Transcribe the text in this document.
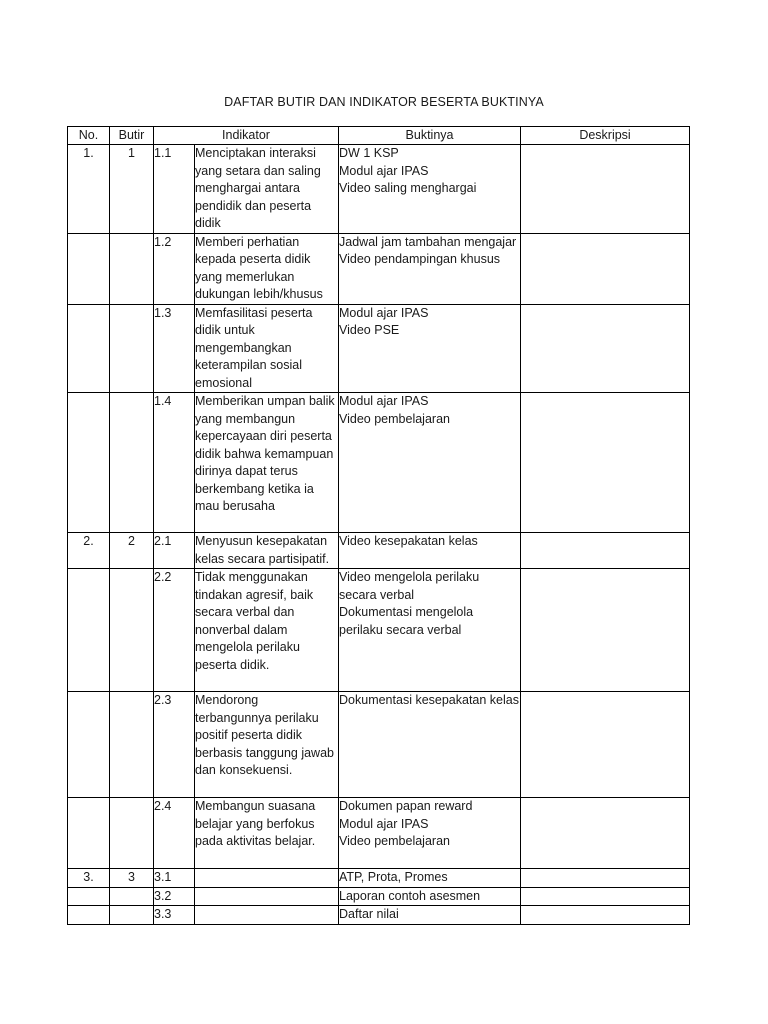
DAFTAR BUTIR DAN INDIKATOR BESERTA BUKTINYA
No.	Butir	Indikator		Buktinya	Deskripsi
1.	1	1.1	Menciptakan interaksi yang setara dan saling menghargai antara pendidik dan peserta didik	DW 1 KSP
Modul ajar IPAS
Video saling menghargai	

		1.2	Memberi perhatian kepada peserta didik yang memerlukan dukungan lebih/khusus	Jadwal jam tambahan mengajar
Video pendampingan khusus	

		1.3	Memfasilitasi peserta didik untuk mengembangkan keterampilan sosial emosional	Modul ajar IPAS
Video PSE	

		1.4	Memberikan umpan balik yang membangun kepercayaan diri peserta didik bahwa kemampuan dirinya dapat terus berkembang ketika ia mau berusaha	Modul ajar IPAS
Video pembelajaran	

2.	2	2.1	Menyusun kesepakatan kelas secara partisipatif.	Video kesepakatan kelas	

		2.2	Tidak menggunakan tindakan agresif, baik secara verbal dan nonverbal dalam mengelola perilaku peserta didik.	Video mengelola perilaku secara verbal
Dokumentasi mengelola perilaku secara verbal	

		2.3	Mendorong terbangunnya perilaku positif peserta didik berbasis tanggung jawab dan konsekuensi.	Dokumentasi kesepakatan kelas	

		2.4	Membangun suasana belajar yang berfokus pada aktivitas belajar.	Dokumen papan reward
Modul ajar IPAS
Video pembelajaran	

3.	3	3.1		ATP, Prota, Promes	

		3.2		Laporan contoh asesmen	

		3.3		Daftar nilai	
